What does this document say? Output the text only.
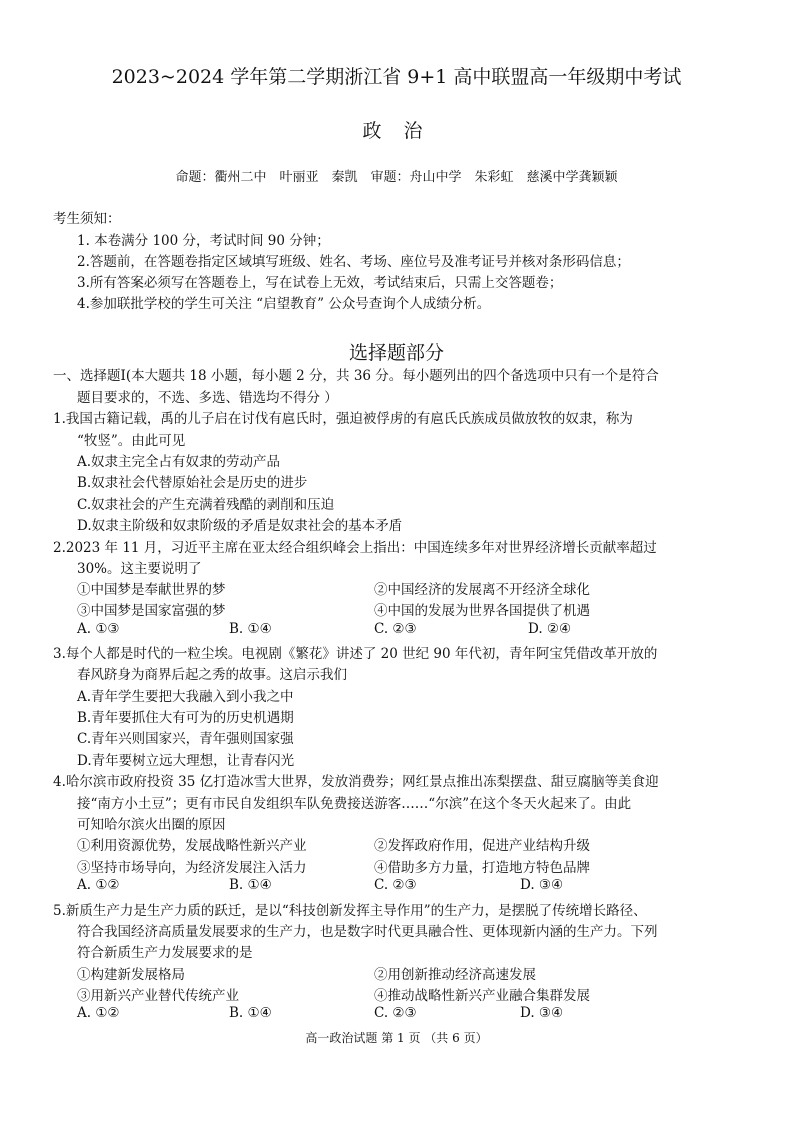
2023~2024 学年第二学期浙江省 9+1 高中联盟高一年级期中考试
政 治
命题：衢州二中　叶丽亚　秦凯　审题：舟山中学　朱彩虹　慈溪中学龚颖颖
考生须知：
1. 本卷满分 100 分，考试时间 90 分钟；
2.答题前，在答题卷指定区域填写班级、姓名、考场、座位号及准考证号并核对条形码信息；
3.所有答案必须写在答题卷上，写在试卷上无效，考试结束后，只需上交答题卷；
4.参加联批学校的学生可关注 “启望教育” 公众号查询个人成绩分析。
选择题部分
一、选择题Ⅰ(本大题共 18 小题，每小题 2 分，共 36 分。每小题列出的四个备选项中只有一个是符合
题目要求的，不选、多选、错选均不得分 ）
1.我国古籍记载，禹的儿子启在讨伐有扈氏时，强迫被俘虏的有扈氏氏族成员做放牧的奴隶，称为
“牧竖”。由此可见
A.奴隶主完全占有奴隶的劳动产品
B.奴隶社会代替原始社会是历史的进步
C.奴隶社会的产生充满着残酷的剥削和压迫
D.奴隶主阶级和奴隶阶级的矛盾是奴隶社会的基本矛盾
2.2023 年 11 月，习近平主席在亚太经合组织峰会上指出：中国连续多年对世界经济增长贡献率超过
30%。这主要说明了
①中国梦是奉献世界的梦	②中国经济的发展离不开经济全球化
③中国梦是国家富强的梦	④中国的发展为世界各国提供了机遇
A. ①③	B. ①④	C. ②③	D. ②④
3.每个人都是时代的一粒尘埃。电视剧《繁花》讲述了 20 世纪 90 年代初，青年阿宝凭借改革开放的
春风跻身为商界后起之秀的故事。这启示我们
A.青年学生要把大我融入到小我之中
B.青年要抓住大有可为的历史机遇期
C.青年兴则国家兴，青年强则国家强
D.青年要树立远大理想，让青春闪光
4.哈尔滨市政府投资 35 亿打造冰雪大世界，发放消费券；网红景点推出冻梨摆盘、甜豆腐脑等美食迎
接“南方小土豆”；更有市民自发组织车队免费接送游客……“尔滨”在这个冬天火起来了。由此
可知哈尔滨火出圈的原因
①利用资源优势，发展战略性新兴产业	②发挥政府作用，促进产业结构升级
③坚持市场导向，为经济发展注入活力	④借助多方力量，打造地方特色品牌
A. ①②	B. ①④	C. ②③	D. ③④
5.新质生产力是生产力质的跃迁，是以“科技创新发挥主导作用”的生产力，是摆脱了传统增长路径、
符合我国经济高质量发展要求的生产力，也是数字时代更具融合性、更体现新内涵的生产力。下列
符合新质生产力发展要求的是
①构建新发展格局	②用创新推动经济高速发展
③用新兴产业替代传统产业	④推动战略性新兴产业融合集群发展
A. ①②	B. ①④	C. ②③	D. ③④
高一政治试题 第 1 页 （共 6 页）
